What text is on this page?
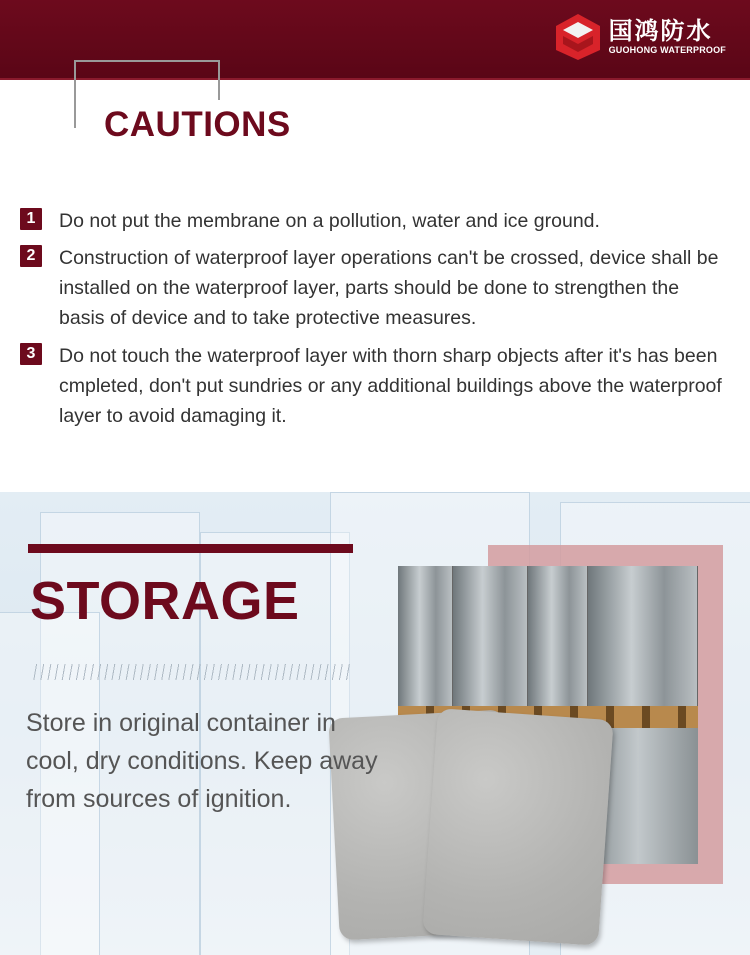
国鸿防水
GUOHONG WATERPROOF
CAUTIONS
1	Do not put the membrane on a pollution, water and ice ground.
2	Construction of waterproof layer operations can't be crossed, device shall be installed on the waterproof layer, parts should be done to strengthen the basis of device and to take protective measures.
3	Do not touch the waterproof layer with thorn sharp objects after it's has been cmpleted, don't put sundries or any additional buildings above the waterproof layer to avoid damaging it.
STORAGE
Store in original container in cool, dry conditions. Keep away from sources of ignition.
